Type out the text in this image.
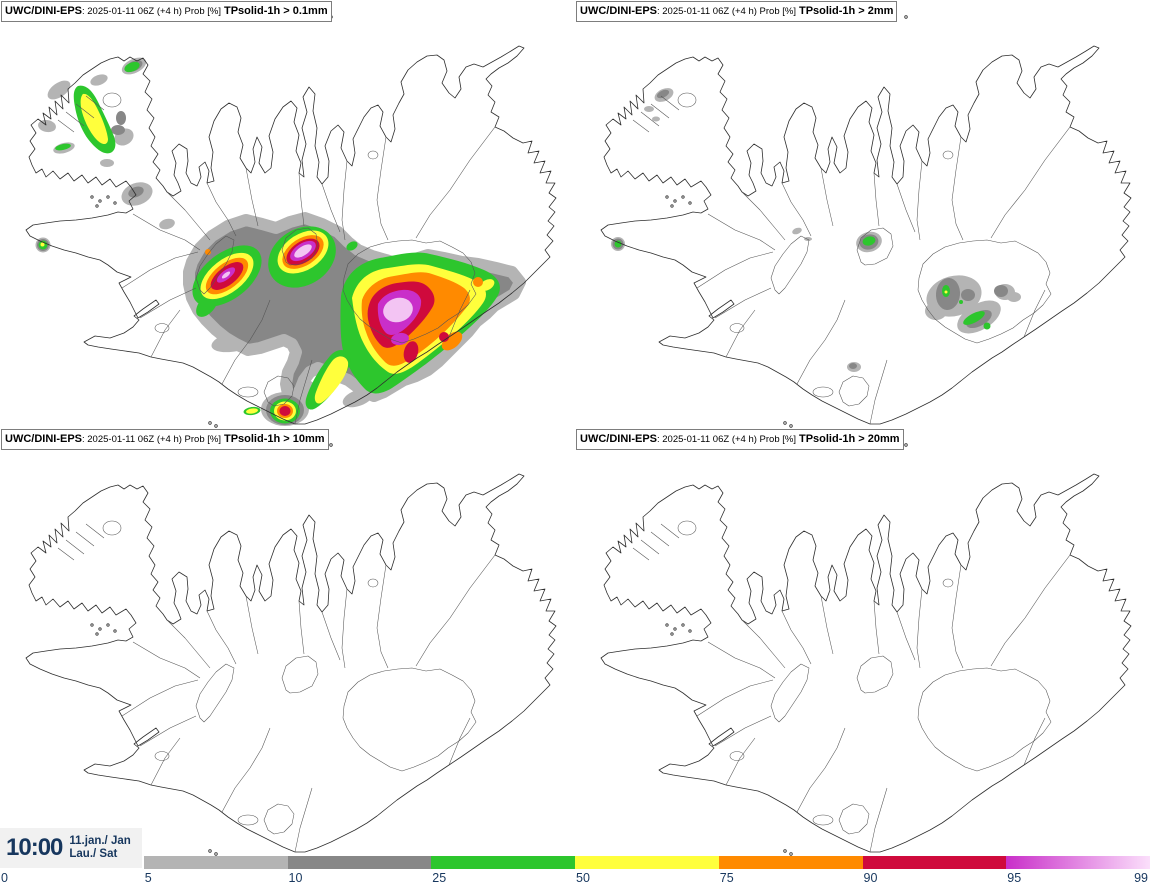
UWC/DINI-EPS: 2025-01-11 06Z (+4 h) Prob [%] TPsolid-1h > 0.1mm	UWC/DINI-EPS: 2025-01-11 06Z (+4 h) Prob [%] TPsolid-1h > 2mm
UWC/DINI-EPS: 2025-01-11 06Z (+4 h) Prob [%] TPsolid-1h > 10mm	UWC/DINI-EPS: 2025-01-11 06Z (+4 h) Prob [%] TPsolid-1h > 20mm
10:00 11.jan./ Jan
Lau./ Sat
0	5	10	25	50	75	90	95	99
